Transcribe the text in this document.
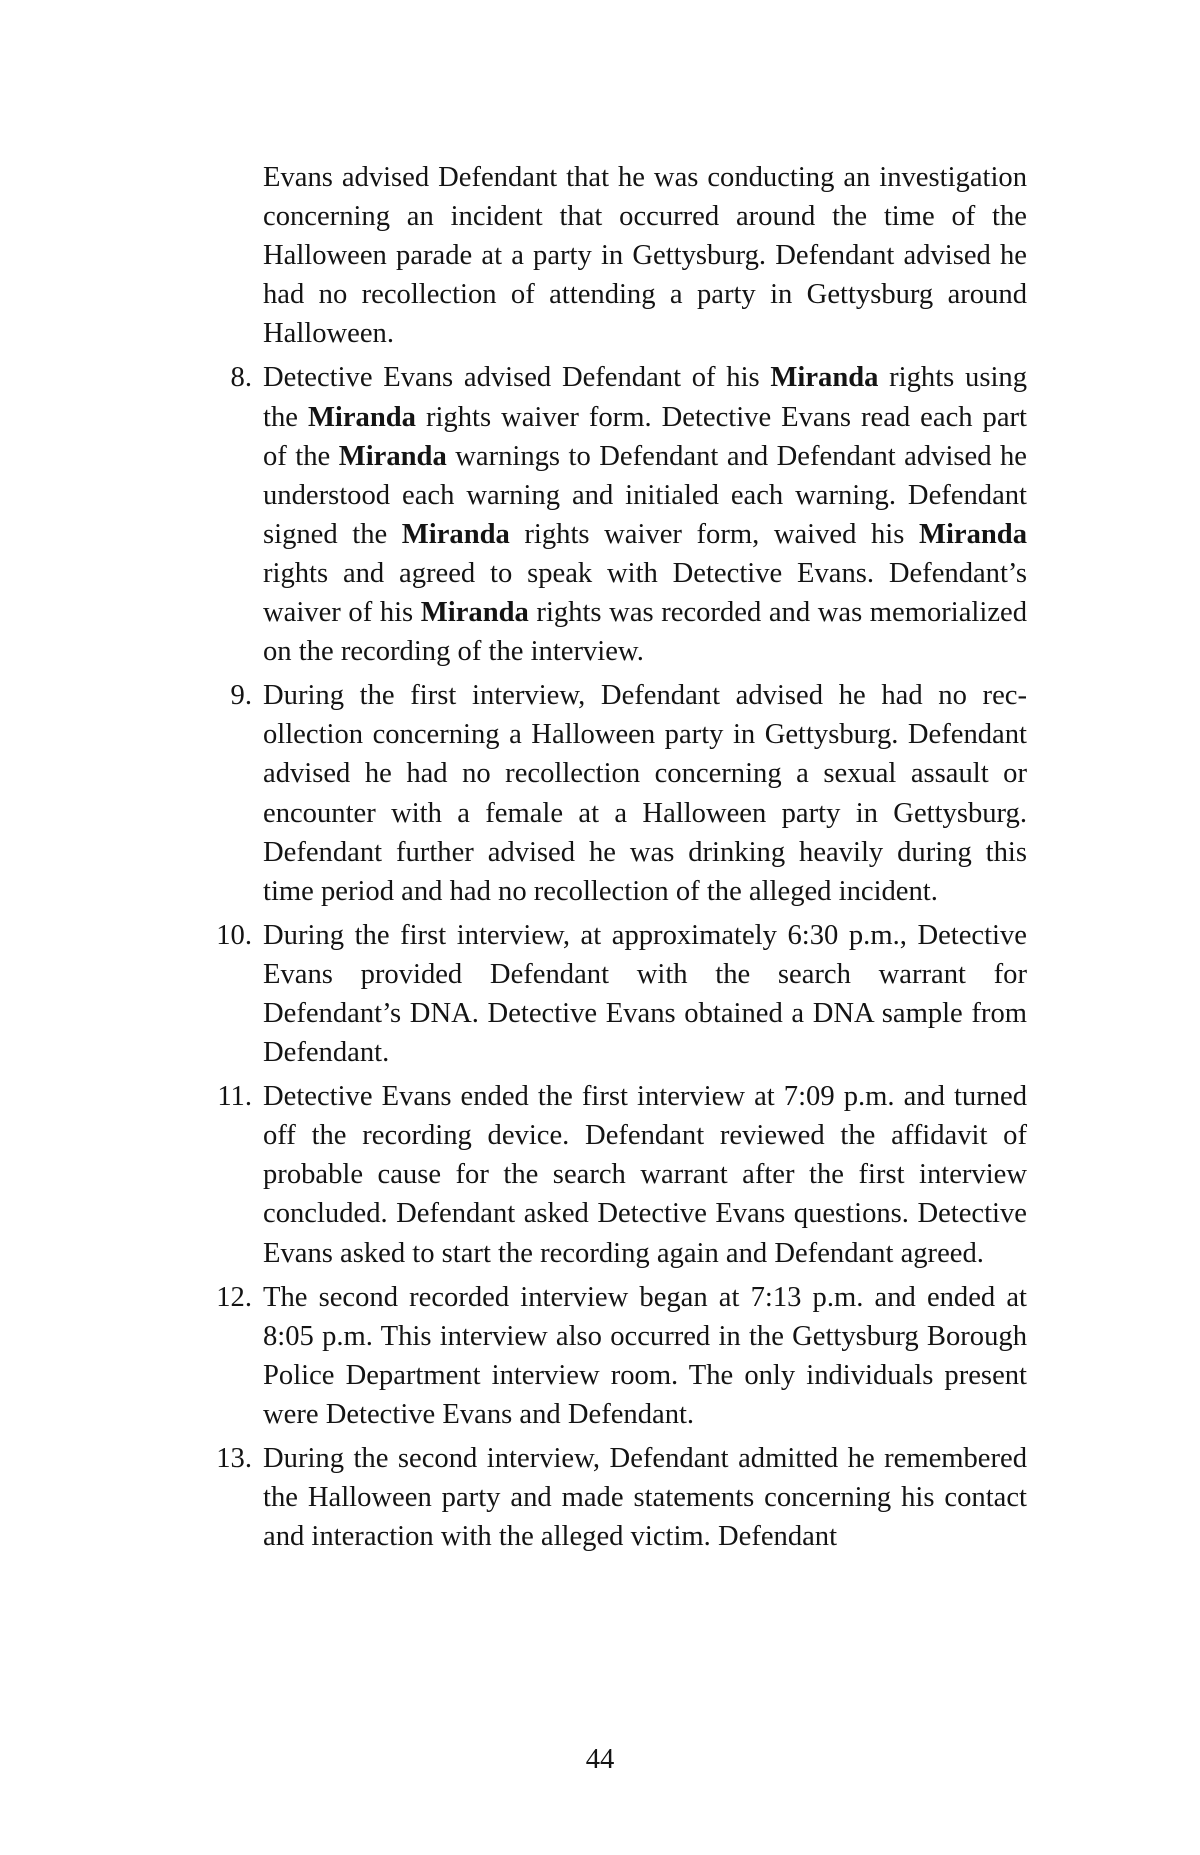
Evans advised Defendant that he was conducting an investigation concerning an incident that occurred around the time of the Halloween parade at a party in Gettysburg. Defendant advised he had no recollection of attending a party in Gettysburg around Halloween.

8. Detective Evans advised Defendant of his Miranda rights using the Miranda rights waiver form. Detective Evans read each part of the Miranda warnings to Defendant and Defendant advised he understood each warning and initialed each warning. Defendant signed the Miranda rights waiver form, waived his Miranda rights and agreed to speak with Detective Evans. Defendant’s waiver of his Miranda rights was recorded and was memorialized on the recording of the interview.

9. During the first interview, Defendant advised he had no recollection concerning a Halloween party in Gettysburg. Defendant advised he had no recollection concerning a sexual assault or encounter with a female at a Halloween party in Gettysburg. Defendant further advised he was drinking heavily during this time period and had no recollection of the alleged incident.

10. During the first interview, at approximately 6:30 p.m., Detective Evans provided Defendant with the search warrant for Defendant’s DNA. Detective Evans obtained a DNA sample from Defendant.

11. Detective Evans ended the first interview at 7:09 p.m. and turned off the recording device. Defendant reviewed the affidavit of probable cause for the search warrant after the first interview concluded. Defendant asked Detective Evans questions. Detective Evans asked to start the recording again and Defendant agreed.

12. The second recorded interview began at 7:13 p.m. and ended at 8:05 p.m. This interview also occurred in the Gettysburg Borough Police Department interview room. The only individuals present were Detective Evans and Defendant.

13. During the second interview, Defendant admitted he remembered the Halloween party and made statements concerning his contact and interaction with the alleged victim. Defendant

44
